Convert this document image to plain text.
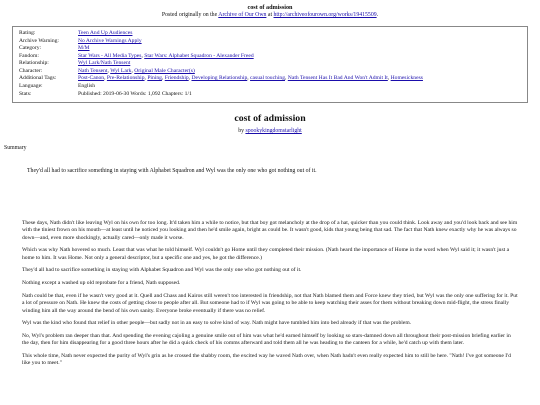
cost of admission
Posted originally on the Archive of Our Own at http://archiveofourown.org/works/19415509.
Rating:	Teen And Up Audiences
Archive Warning:	No Archive Warnings Apply
Category:	M/M
Fandom:	Star Wars - All Media Types, Star Wars: Alphabet Squadron - Alexander Freed
Relationship:	Wyl Lark/Nath Tensent
Character:	Nath Tensent, Wyl Lark, Original Male Character(s)
Additional Tags:	Post-Canon, Pre-Relationship, Pining, Friendship, Developing Relationship, casual touching, Nath Tensent Has It Bad And Won't Admit It, Homesickness
Language:	English
Stats:	Published: 2019-06-30 Words: 1,092 Chapters: 1/1
cost of admission
by spookykingdomstarlight
Summary
They'd all had to sacrifice something in staying with Alphabet Squadron and Wyl was the only one who got nothing out of it.

These days, Nath didn't like leaving Wyl on his own for too long. It'd taken him a while to notice, but that boy got melancholy at the drop of a hat, quicker than you could think. Look away and you'd look back and see him with the tiniest frown on his mouth—at least until he noticed you looking and then he'd smile again, bright as could be. It wasn't good, kids that young being that sad. The fact that Nath knew exactly why he was always so down—and, even more shockingly, actually cared—only made it worse.

Which was why Nath hovered so much. Least that was what he told himself. Wyl couldn't go Home until they completed their mission. (Nath heard the importance of Home in the word when Wyl said it; it wasn't just a home to him. It was Home. Not only a general descriptor, but a specific one and yes, he got the difference.)

They'd all had to sacrifice something in staying with Alphabet Squadron and Wyl was the only one who got nothing out of it.

Nothing except a washed up old reprobate for a friend, Nath supposed.

Nath could be that, even if he wasn't very good at it. Quell and Chass and Kairos still weren't too interested in friendship, not that Nath blamed them and Force knew they tried, but Wyl was the only one suffering for it. Put a lot of pressure on Nath. He knew the costs of getting close to people after all. But someone had to if Wyl was going to be able to keep watching their asses for them without breaking down mid-flight, the stress finally winding him all the way around the bend of his own sanity. Everyone broke eventually if there was no relief.

Wyl was the kind who found that relief in other people—but sadly not in an easy to solve kind of way. Nath might have tumbled him into bed already if that was the problem.

No, Wyl's problem ran deeper than that. And spending the evening cajoling a genuine smile out of him was what he'd earned himself by looking so stars-damned down all throughout their post-mission briefing earlier in the day, then for him disappearing for a good three hours after he did a quick check of his comms afterward and told them all he was heading to the canteen for a while, he'd catch up with them later.

This whole time, Nath never expected the purity of Wyl's grin as he crossed the shabby room, the excited way he waved Nath over, when Nath hadn't even really expected him to still be here. "Nath! I've got someone I'd like you to meet."
